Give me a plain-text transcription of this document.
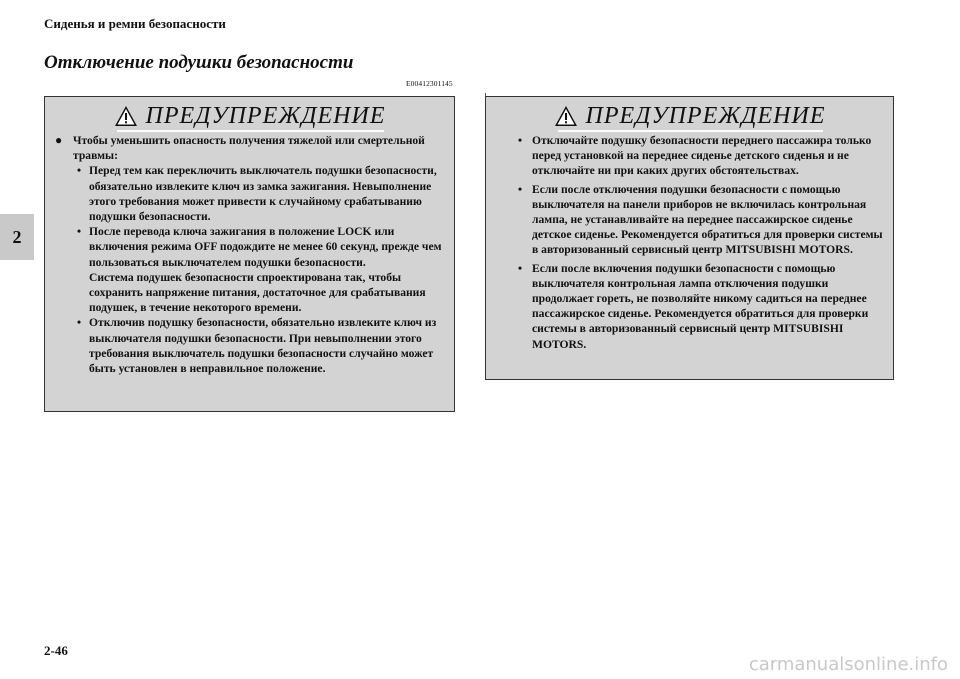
Сиденья и ремни безопасности
Отключение подушки безопасности
E00412301145
2
ПРЕДУПРЕЖДЕНИЕ
● Чтобы уменьшить опасность получения тяжелой или смертельной травмы:
• Перед тем как переключить выключатель подушки безопасности, обязательно извлеките ключ из замка зажигания. Невыполнение этого требования может привести к случайному срабатыванию подушки безопасности.
• После перевода ключа зажигания в положение LOCK или включения режима OFF подождите не менее 60 секунд, прежде чем пользоваться выключателем подушки безопасности.
Система подушек безопасности спроектирована так, чтобы сохранить напряжение питания, достаточное для срабатывания подушек, в течение некоторого времени.
• Отключив подушку безопасности, обязательно извлеките ключ из выключателя подушки безопасности. При невыполнении этого требования выключатель подушки безопасности случайно может быть установлен в неправильное положение.
ПРЕДУПРЕЖДЕНИЕ
• Отключайте подушку безопасности переднего пассажира только перед установкой на переднее сиденье детского сиденья и не отключайте ни при каких других обстоятельствах.
• Если после отключения подушки безопасности с помощью выключателя на панели приборов не включилась контрольная лампа, не устанавливайте на переднее пассажирское сиденье детское сиденье. Рекомендуется обратиться для проверки системы в авторизованный сервисный центр MITSUBISHI MOTORS.
• Если после включения подушки безопасности с помощью выключателя контрольная лампа отключения подушки продолжает гореть, не позволяйте никому садиться на переднее пассажирское сиденье. Рекомендуется обратиться для проверки системы в авторизованный сервисный центр MITSUBISHI MOTORS.
2-46
carmanualsonline.info
